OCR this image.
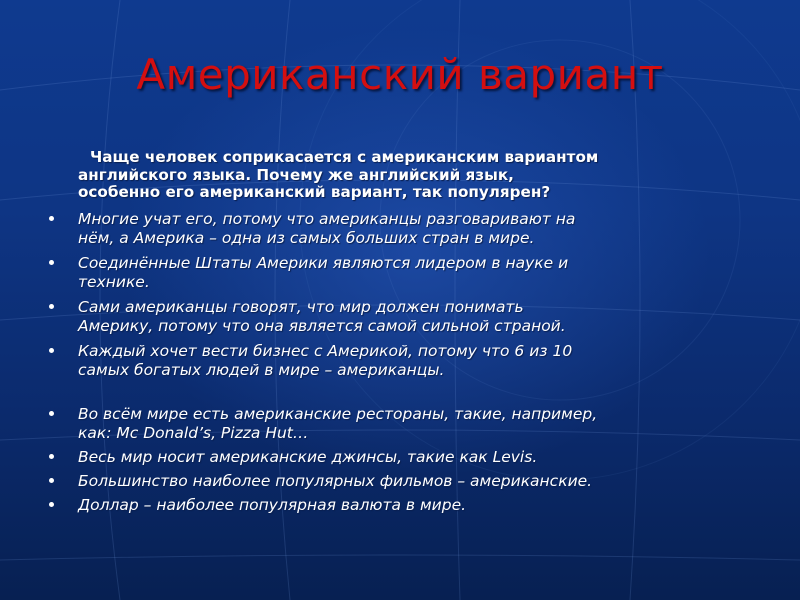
Американский вариант
Чаще человек соприкасается с американским вариантом
английского языка. Почему же английский язык,
особенно его американский вариант, так популярен?
Многие учат его, потому что американцы разговаривают на
нём, а Америка – одна из самых больших стран в мире.
Соединённые Штаты Америки являются лидером в науке и
технике.
Сами американцы говорят, что мир должен понимать
Америку, потому что она является самой сильной страной.
Каждый хочет вести бизнес с Америкой, потому что 6 из 10
самых богатых людей в мире – американцы.
Во всём мире есть американские рестораны, такие, например,
как: Mc Donald’s, Pizza Hut…
Весь мир носит американские джинсы, такие как Levis.
Большинство наиболее популярных фильмов – американские.
Доллар – наиболее популярная валюта в мире.
